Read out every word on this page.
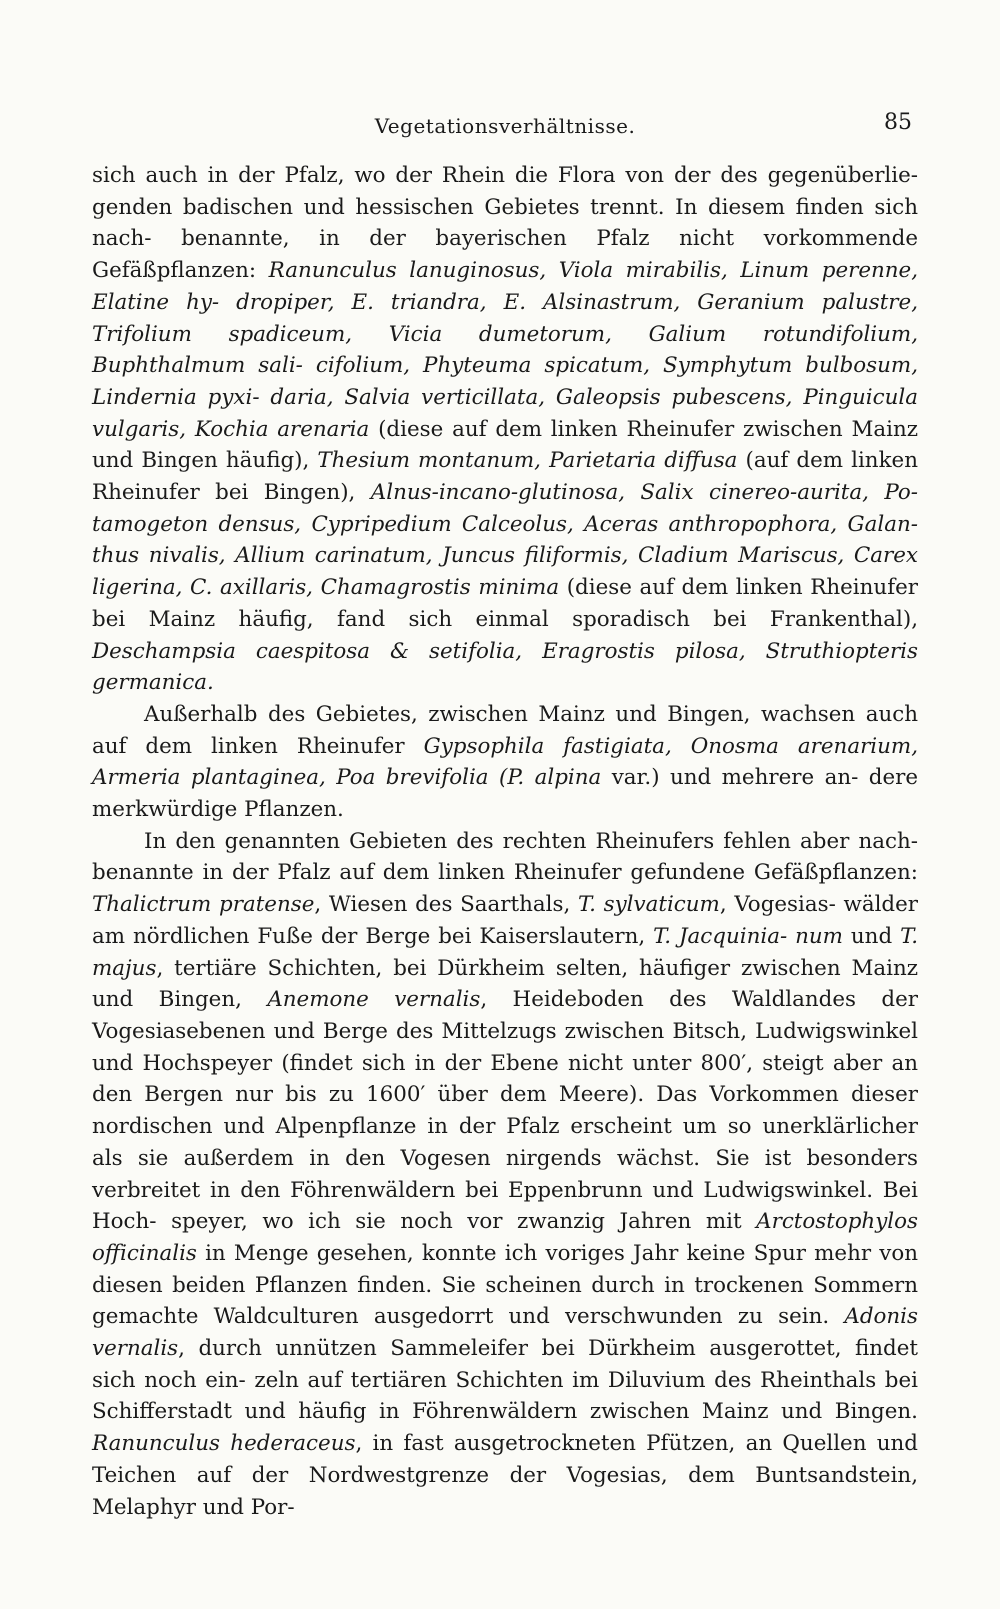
Vegetationsverhältnisse.	85

sich auch in der Pfalz, wo der Rhein die Flora von der des gegenüberlie- genden badischen und hessischen Gebietes trennt. In diesem finden sich nach- benannte, in der bayerischen Pfalz nicht vorkommende Gefäßpflanzen: Ranunculus lanuginosus, Viola mirabilis, Linum perenne, Elatine hy- dropiper, E. triandra, E. Alsinastrum, Geranium palustre, Trifolium spadiceum, Vicia dumetorum, Galium rotundifolium, Buphthalmum sali- cifolium, Phyteuma spicatum, Symphytum bulbosum, Lindernia pyxi- daria, Salvia verticillata, Galeopsis pubescens, Pinguicula vulgaris, Kochia arenaria (diese auf dem linken Rheinufer zwischen Mainz und Bingen häufig), Thesium montanum, Parietaria diffusa (auf dem linken Rheinufer bei Bingen), Alnus-incano-glutinosa, Salix cinereo-aurita, Po- tamogeton densus, Cypripedium Calceolus, Aceras anthropophora, Galan- thus nivalis, Allium carinatum, Juncus filiformis, Cladium Mariscus, Carex ligerina, C. axillaris, Chamagrostis minima (diese auf dem linken Rheinufer bei Mainz häufig, fand sich einmal sporadisch bei Frankenthal), Deschampsia caespitosa & setifolia, Eragrostis pilosa, Struthiopteris germanica.

Außerhalb des Gebietes, zwischen Mainz und Bingen, wachsen auch auf dem linken Rheinufer Gypsophila fastigiata, Onosma arenarium, Armeria plantaginea, Poa brevifolia (P. alpina var.) und mehrere an- dere merkwürdige Pflanzen.

In den genannten Gebieten des rechten Rheinufers fehlen aber nach- benannte in der Pfalz auf dem linken Rheinufer gefundene Gefäßpflanzen: Thalictrum pratense, Wiesen des Saarthals, T. sylvaticum, Vogesias- wälder am nördlichen Fuße der Berge bei Kaiserslautern, T. Jacquinia- num und T. majus, tertiäre Schichten, bei Dürkheim selten, häufiger zwischen Mainz und Bingen, Anemone vernalis, Heideboden des Waldlandes der Vogesiasebenen und Berge des Mittelzugs zwischen Bitsch, Ludwigswinkel und Hochspeyer (findet sich in der Ebene nicht unter 800′, steigt aber an den Bergen nur bis zu 1600′ über dem Meere). Das Vorkommen dieser nordischen und Alpenpflanze in der Pfalz erscheint um so unerklärlicher als sie außerdem in den Vogesen nirgends wächst. Sie ist besonders verbreitet in den Föhrenwäldern bei Eppenbrunn und Ludwigswinkel. Bei Hoch- speyer, wo ich sie noch vor zwanzig Jahren mit Arctostophylos officinalis in Menge gesehen, konnte ich voriges Jahr keine Spur mehr von diesen beiden Pflanzen finden. Sie scheinen durch in trockenen Sommern gemachte Waldculturen ausgedorrt und verschwunden zu sein. Adonis vernalis, durch unnützen Sammeleifer bei Dürkheim ausgerottet, findet sich noch ein- zeln auf tertiären Schichten im Diluvium des Rheinthals bei Schifferstadt und häufig in Föhrenwäldern zwischen Mainz und Bingen. Ranunculus hederaceus, in fast ausgetrockneten Pfützen, an Quellen und Teichen auf der Nordwestgrenze der Vogesias, dem Buntsandstein, Melaphyr und Por-
